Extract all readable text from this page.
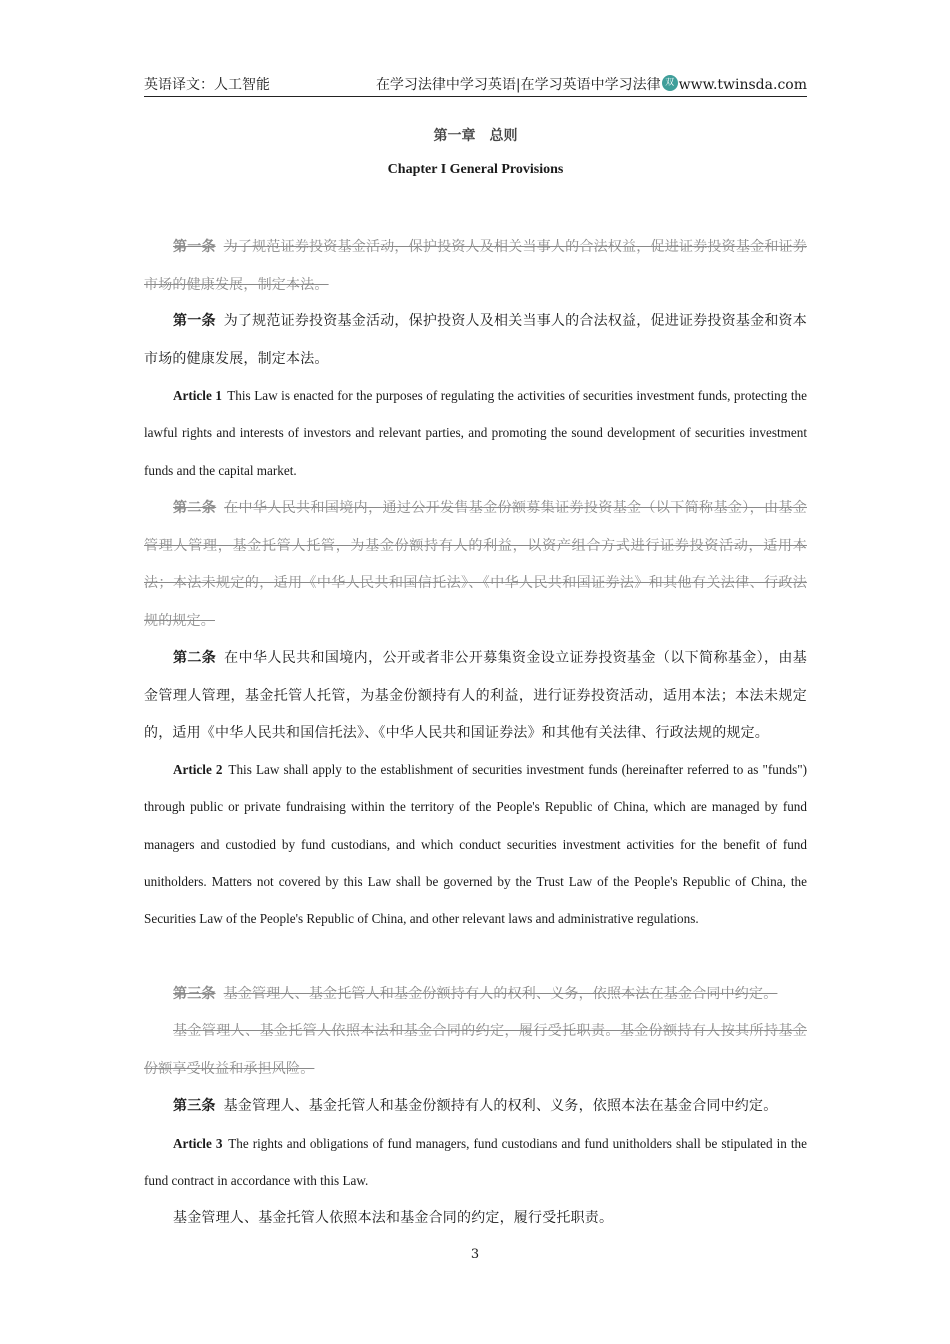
英语译文：人工智能	在学习法律中学习英语|在学习英语中学习法律 双 www.twinsda.com
第一章　总则
Chapter I General Provisions

第一条 为了规范证券投资基金活动，保护投资人及相关当事人的合法权益，促进证券投资基金和证券市场的健康发展，制定本法。

第一条 为了规范证券投资基金活动，保护投资人及相关当事人的合法权益，促进证券投资基金和资本市场的健康发展，制定本法。

Article 1 This Law is enacted for the purposes of regulating the activities of securities investment funds, protecting the lawful rights and interests of investors and relevant parties, and promoting the sound development of securities investment funds and the capital market.

第二条 在中华人民共和国境内，通过公开发售基金份额募集证券投资基金（以下简称基金），由基金管理人管理，基金托管人托管，为基金份额持有人的利益，以资产组合方式进行证券投资活动，适用本法；本法未规定的，适用《中华人民共和国信托法》、《中华人民共和国证券法》和其他有关法律、行政法规的规定。

第二条 在中华人民共和国境内，公开或者非公开募集资金设立证券投资基金（以下简称基金），由基金管理人管理，基金托管人托管，为基金份额持有人的利益，进行证券投资活动，适用本法；本法未规定的，适用《中华人民共和国信托法》、《中华人民共和国证券法》和其他有关法律、行政法规的规定。

Article 2 This Law shall apply to the establishment of securities investment funds (hereinafter referred to as "funds") through public or private fundraising within the territory of the People's Republic of China, which are managed by fund managers and custodied by fund custodians, and which conduct securities investment activities for the benefit of fund unitholders. Matters not covered by this Law shall be governed by the Trust Law of the People's Republic of China, the Securities Law of the People's Republic of China, and other relevant laws and administrative regulations.

第三条 基金管理人、基金托管人和基金份额持有人的权利、义务，依照本法在基金合同中约定。

基金管理人、基金托管人依照本法和基金合同的约定，履行受托职责。基金份额持有人按其所持基金份额享受收益和承担风险。

第三条 基金管理人、基金托管人和基金份额持有人的权利、义务，依照本法在基金合同中约定。

Article 3 The rights and obligations of fund managers, fund custodians and fund unitholders shall be stipulated in the fund contract in accordance with this Law.

基金管理人、基金托管人依照本法和基金合同的约定，履行受托职责。

3
